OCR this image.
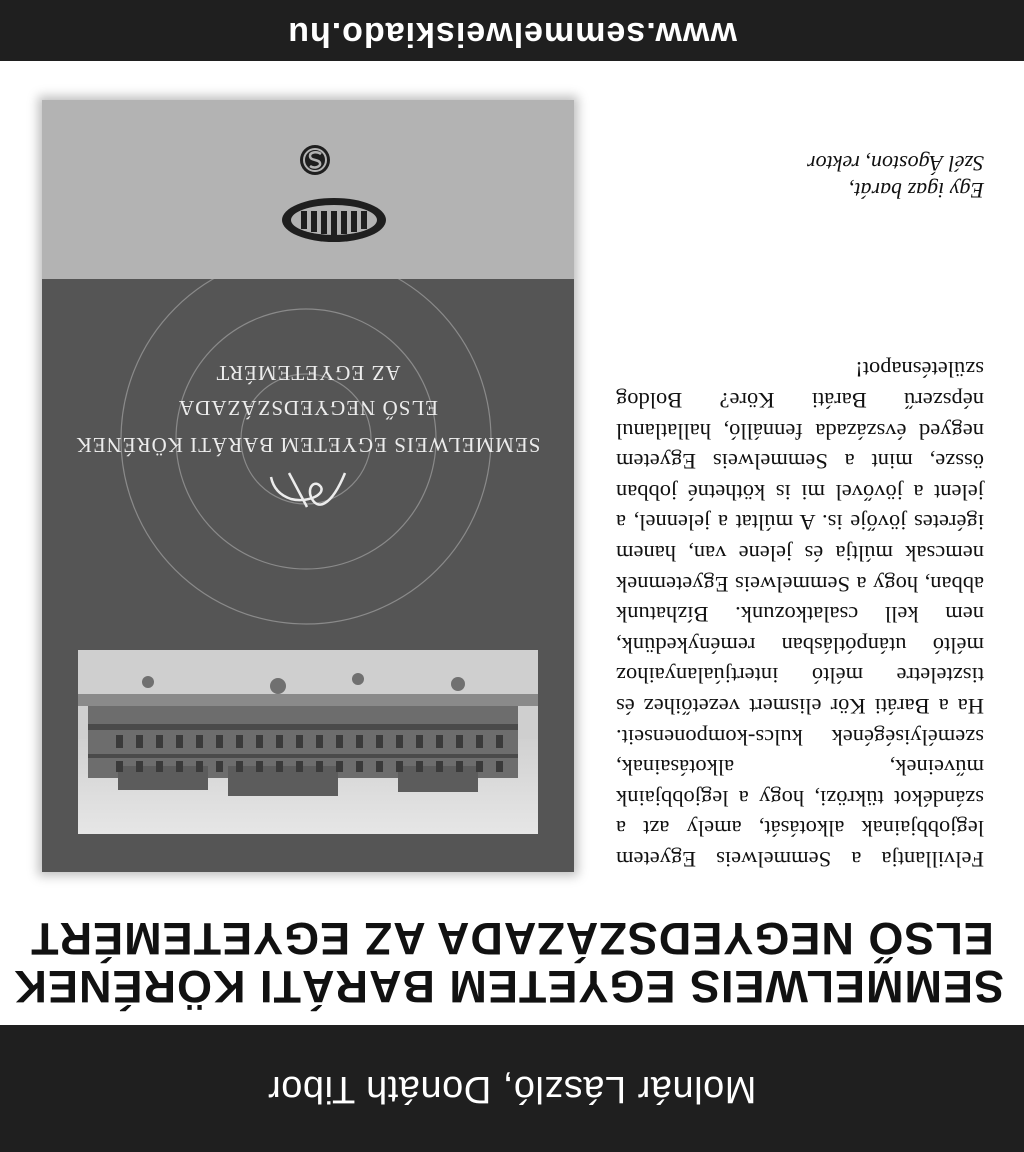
Molnár László, Donáth Tibor
SEMMELWEIS EGYETEM BARÁTI KÖRÉNEK
ELSŐ NEGYEDSZÁZADA AZ EGYETEMÉRT
Felvillantja a Semmelweis Egyetem legjobbjainak alkotását, amely azt a szándékot tükrözi, hogy a legjobbjaink műveinek, alkotásainak, személyiségének kulcs-komponenseit. Ha a Baráti Kör elismert vezetőihez és tiszteletre méltó intertjúalanyaihoz méltó utánpótlásban reménykedünk, nem kell csalatkozunk. Bízhatunk abban, hogy a Semmelweis Egyetemnek nemcsak múltja és jelene van, hanem igéretes jövője is. A múltat a jelennel, a jelent a jövővel mi is köthetné jobban össze, mint a Semmelweis Egyetem negyed évszázada fennálló, hallatlanul népszerű Baráti Köre? Boldog születésnapot!
Egy igaz barát,
Szél Ágoston, rektor
SEMMELWEIS EGYETEM BARÁTI KÖRÉNEK
ELSŐ NEGYEDSZÁZADA
AZ EGYETEMÉRT
www.semmelweiskiado.hu
